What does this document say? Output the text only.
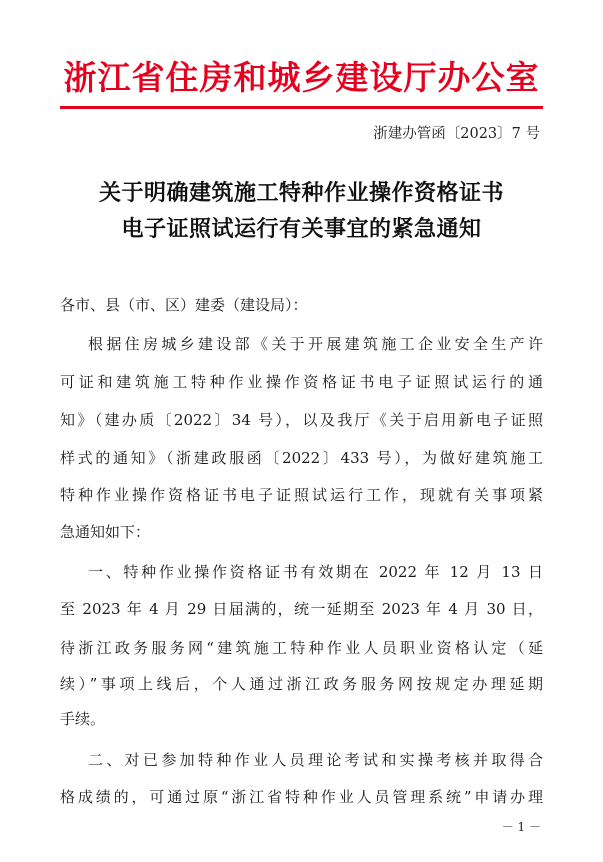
浙江省住房和城乡建设厅办公室
浙建办管函〔2023〕7 号
关于明确建筑施工特种作业操作资格证书
电子证照试运行有关事宜的紧急通知
各市、县（市、区）建委（建设局）：
根据住房城乡建设部《关于开展建筑施工企业安全生产许
可证和建筑施工特种作业操作资格证书电子证照试运行的通
知》（建办质〔2022〕34 号），以及我厅《关于启用新电子证照
样式的通知》（浙建政服函〔2022〕433 号），为做好建筑施工
特种作业操作资格证书电子证照试运行工作，现就有关事项紧
急通知如下：
一、特种作业操作资格证书有效期在 2022 年 12 月 13 日
至 2023 年 4 月 29 日届满的，统一延期至 2023 年 4 月 30 日，
待浙江政务服务网“建筑施工特种作业人员职业资格认定（延
续）”事项上线后，个人通过浙江政务服务网按规定办理延期
手续。
二、对已参加特种作业人员理论考试和实操考核并取得合
格成绩的，可通过原“浙江省特种作业人员管理系统”申请办理
－ 1 －
